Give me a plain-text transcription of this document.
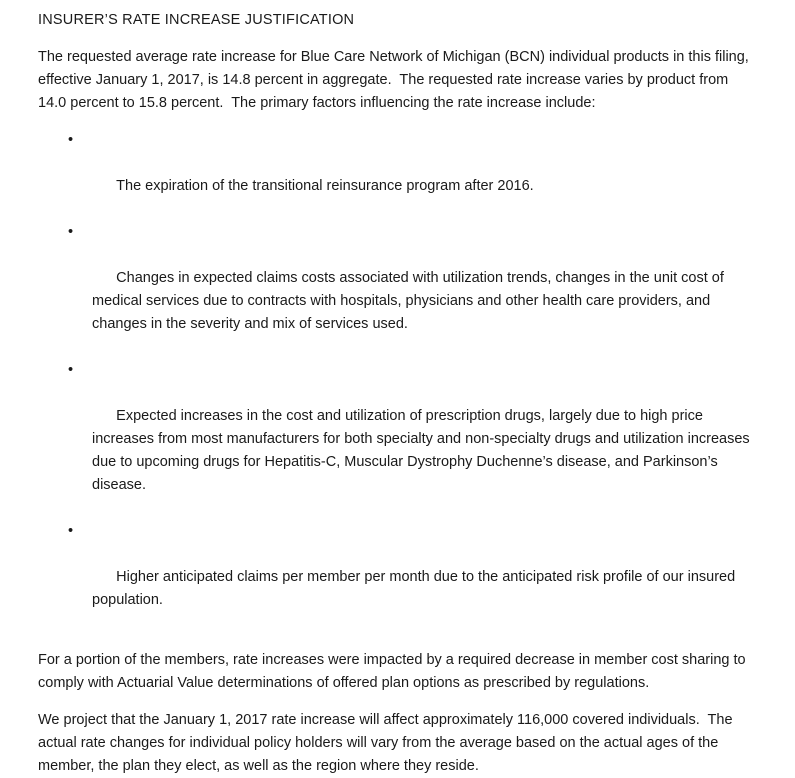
INSURER’S RATE INCREASE JUSTIFICATION

The requested average rate increase for Blue Care Network of Michigan (BCN) individual products in this filing, effective January 1, 2017, is 14.8 percent in aggregate.  The requested rate increase varies by product from 14.0 percent to 15.8 percent.  The primary factors influencing the rate increase include:

•

The expiration of the transitional reinsurance program after 2016.

•

Changes in expected claims costs associated with utilization trends, changes in the unit cost of medical services due to contracts with hospitals, physicians and other health care providers, and changes in the severity and mix of services used.

•

Expected increases in the cost and utilization of prescription drugs, largely due to high price increases from most manufacturers for both specialty and non-specialty drugs and utilization increases due to upcoming drugs for Hepatitis-C, Muscular Dystrophy Duchenne’s disease, and Parkinson’s disease.

•

Higher anticipated claims per member per month due to the anticipated risk profile of our insured population.

For a portion of the members, rate increases were impacted by a required decrease in member cost sharing to comply with Actuarial Value determinations of offered plan options as prescribed by regulations.

We project that the January 1, 2017 rate increase will affect approximately 116,000 covered individuals.  The actual rate changes for individual policy holders will vary from the average based on the actual ages of the member, the plan they elect, as well as the region where they reside.
